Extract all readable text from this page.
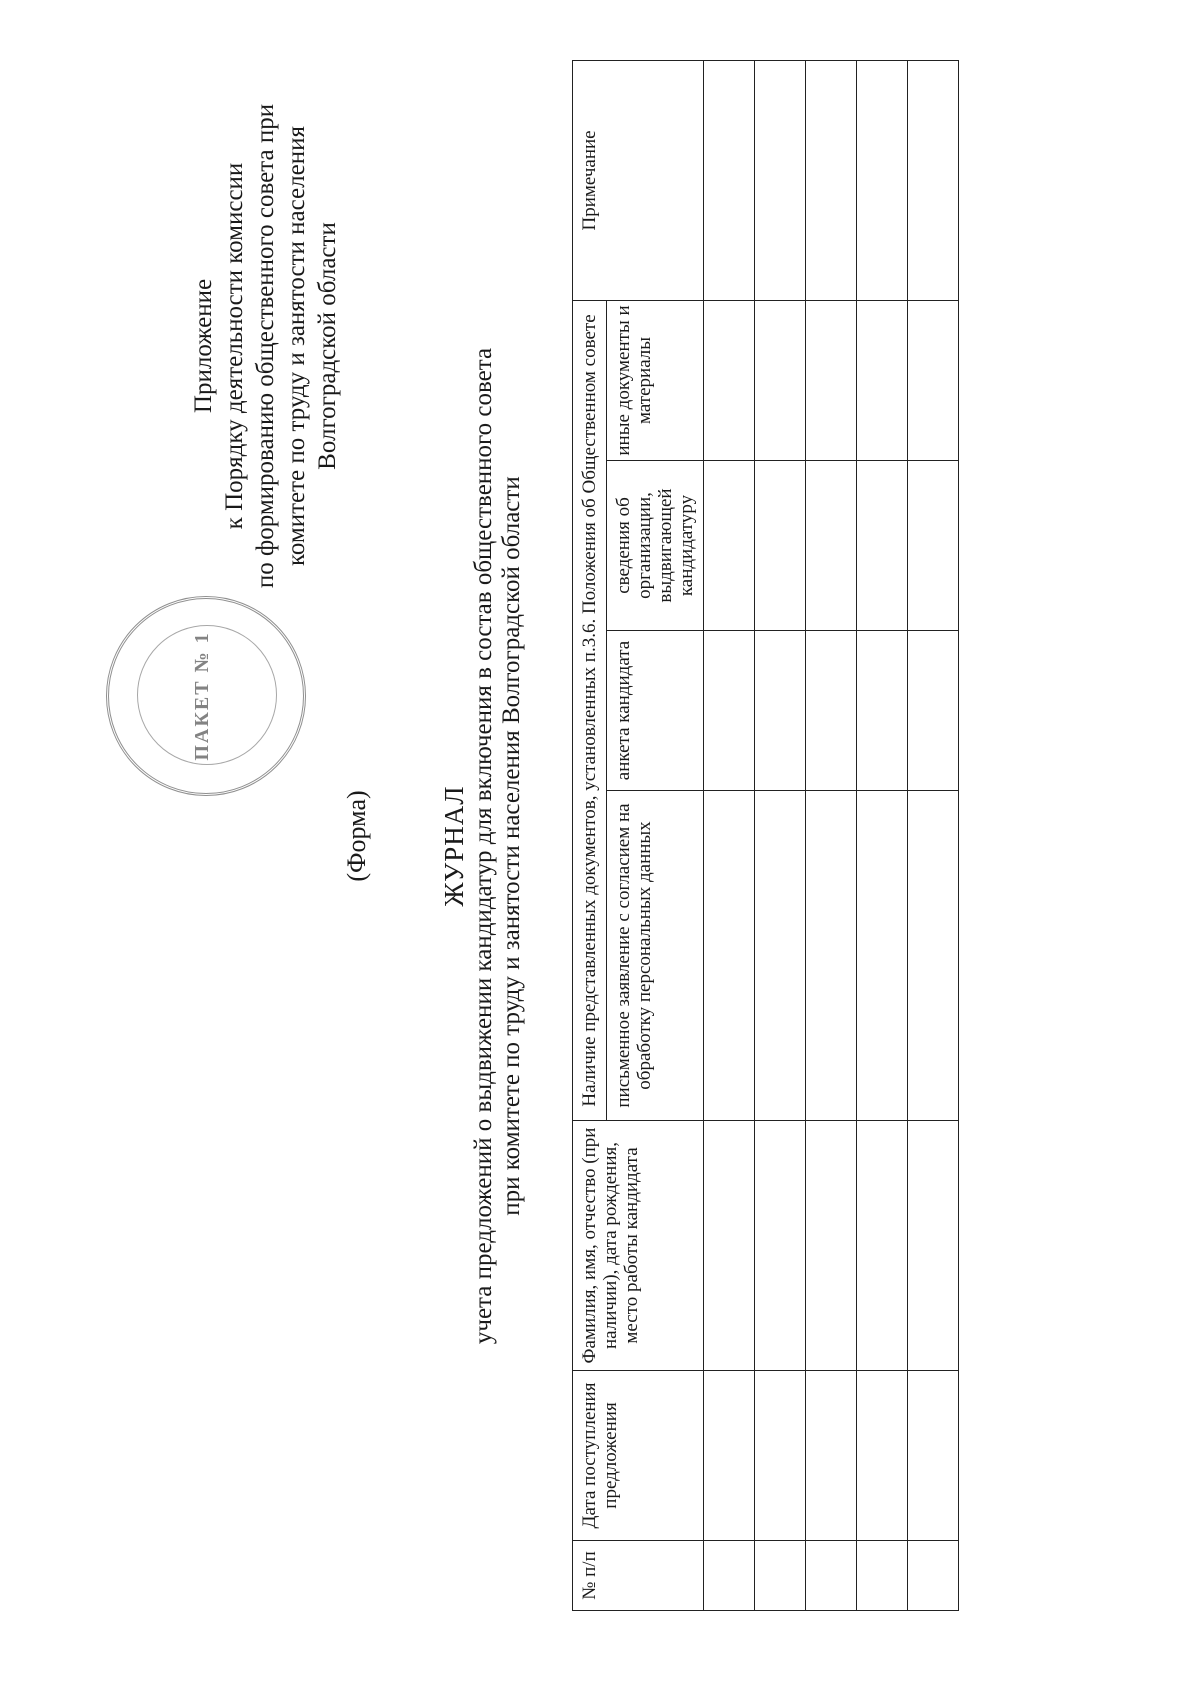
Приложение к Порядку деятельности комиссии по формированию общественного совета при комитете по труду и занятости населения Волгоградской области
ПАКЕТ № 1
(Форма)	ЖУРНАЛ учета предложений о выдвижении кандидатур для включения в состав общественного совета при комитете по труду и занятости населения Волгоградской области
№ п/п	Дата поступления предложения	Фамилия, имя, отчество (при наличии), дата рождения, место работы кандидата	Наличие представленных документов, установленных п.3.6. Положения об Общественном совете				Примечание
			письменное заявление с согласием на обработку персональных данных	анкета кандидата	сведения об организации, выдвигающей кандидатуру	иные документы и материалы	
